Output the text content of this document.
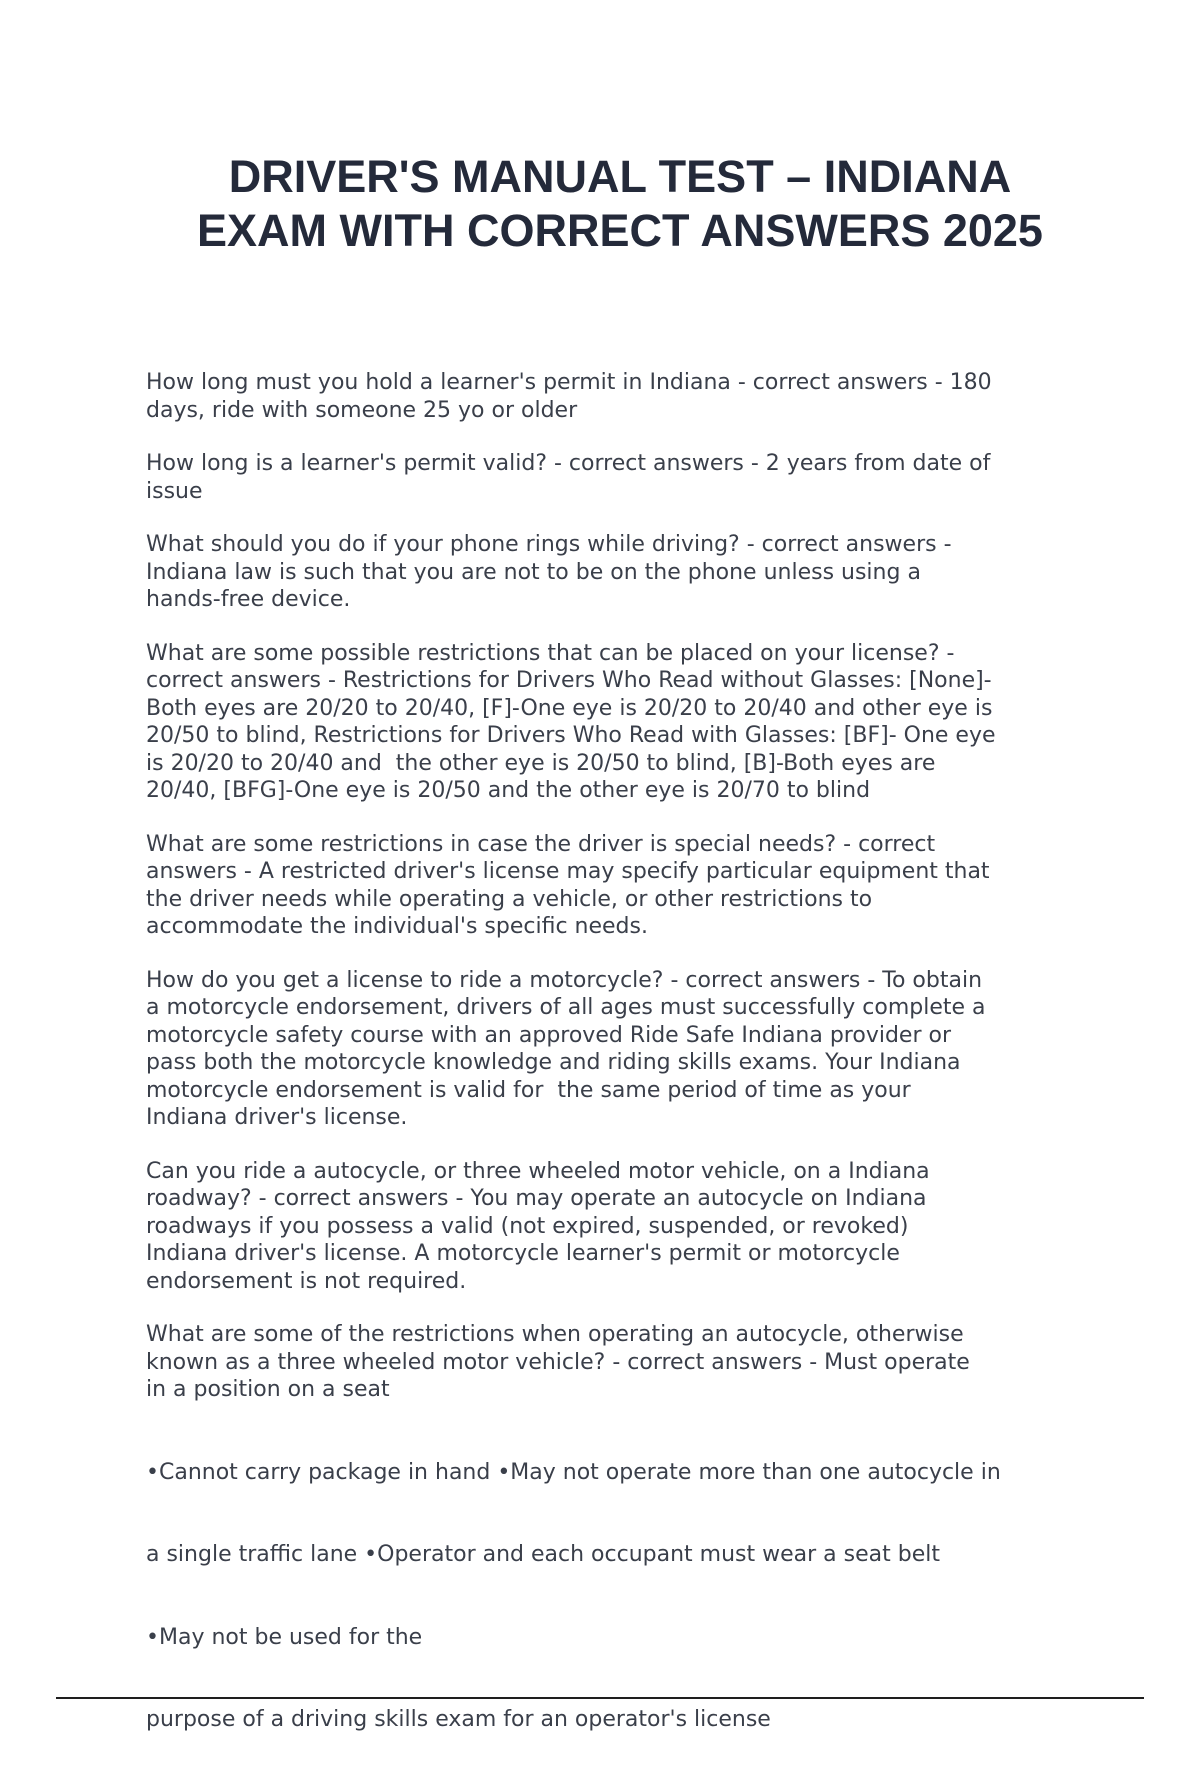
DRIVER'S MANUAL TEST – INDIANA
EXAM WITH CORRECT ANSWERS 2025

How long must you hold a learner's permit in Indiana - correct answers - 180
days, ride with someone 25 yo or older

How long is a learner's permit valid? - correct answers - 2 years from date of
issue

What should you do if your phone rings while driving? - correct answers -
Indiana law is such that you are not to be on the phone unless using a
hands-free device.

What are some possible restrictions that can be placed on your license? -
correct answers - Restrictions for Drivers Who Read without Glasses: [None]-
Both eyes are 20/20 to 20/40, [F]-One eye is 20/20 to 20/40 and other eye is
20/50 to blind, Restrictions for Drivers Who Read with Glasses: [BF]- One eye
is 20/20 to 20/40 and  the other eye is 20/50 to blind, [B]-Both eyes are
20/40, [BFG]-One eye is 20/50 and the other eye is 20/70 to blind

What are some restrictions in case the driver is special needs? - correct
answers - A restricted driver's license may specify particular equipment that
the driver needs while operating a vehicle, or other restrictions to
accommodate the individual's specific needs.

How do you get a license to ride a motorcycle? - correct answers - To obtain
a motorcycle endorsement, drivers of all ages must successfully complete a
motorcycle safety course with an approved Ride Safe Indiana provider or
pass both the motorcycle knowledge and riding skills exams. Your Indiana
motorcycle endorsement is valid for  the same period of time as your
Indiana driver's license.

Can you ride a autocycle, or three wheeled motor vehicle, on a Indiana
roadway? - correct answers - You may operate an autocycle on Indiana
roadways if you possess a valid (not expired, suspended, or revoked)
Indiana driver's license. A motorcycle learner's permit or motorcycle
endorsement is not required.

What are some of the restrictions when operating an autocycle, otherwise
known as a three wheeled motor vehicle? - correct answers - Must operate
in a position on a seat

•Cannot carry package in hand •May not operate more than one autocycle in

a single traffic lane •Operator and each occupant must wear a seat belt

•May not be used for the

purpose of a driving skills exam for an operator's license
